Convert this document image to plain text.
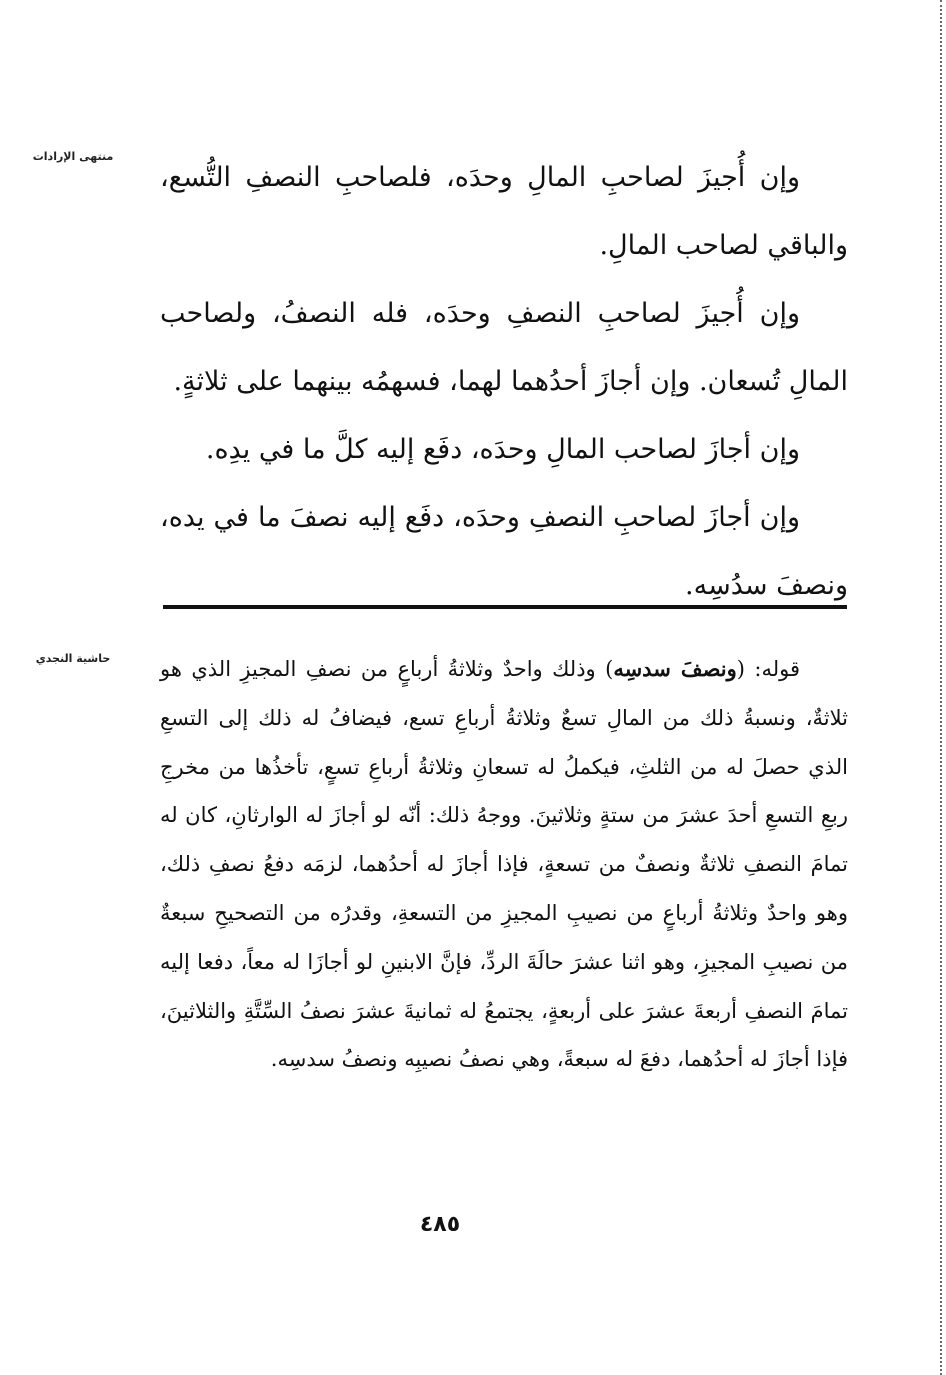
منتهى الإرادات

وإن أُجيزَ لصاحبِ المالِ وحدَه، فلصاحبِ النصفِ التُّسع، والباقي لصاحب المالِ.

وإن أُجيزَ لصاحبِ النصفِ وحدَه، فله النصفُ، ولصاحب المالِ تُسعان. وإن أجازَ أحدُهما لهما، فسهمُه بينهما على ثلاثةٍ.

وإن أجازَ لصاحب المالِ وحدَه، دفَع إليه كلَّ ما في يدِه.

وإن أجازَ لصاحبِ النصفِ وحدَه، دفَع إليه نصفَ ما في يده، ونصفَ سدُسِه.

حاشية النجدي	قوله: (ونصفَ سدسِه) وذلك واحدٌ وثلاثةُ أرباعٍ من نصفِ المجيزِ الذي هو ثلاثةٌ، ونسبةُ ذلك من المالِ تسعٌ وثلاثةُ أرباعِ تسع، فيضافُ له ذلك إلى التسعِ الذي حصلَ له من الثلثِ، فيكملُ له تسعانِ وثلاثةُ أرباعِ تسعٍ، تأخذُها من مخرجِ ربعِ التسعِ أحدَ عشرَ من ستةٍ وثلاثينَ. ووجهُ ذلك: أنّه لو أجازَ له الوارثانِ، كان له تمامَ النصفِ ثلاثةٌ ونصفٌ من تسعةٍ، فإذا أجازَ له أحدُهما، لزمَه دفعُ نصفِ ذلك، وهو واحدٌ وثلاثةُ أرباعٍ من نصيبِ المجيزِ من التسعةِ، وقدرُه من التصحيحِ سبعةٌ من نصيبِ المجيزِ، وهو اثنا عشرَ حالَةَ الردِّ، فإنَّ الابنينِ لو أجازَا له معاً، دفعا إليه تمامَ النصفِ أربعةَ عشرَ على أربعةٍ، يجتمعُ له ثمانيةَ عشرَ نصفُ السِّتَّةِ والثلاثينَ، فإذا أجازَ له أحدُهما، دفعَ له سبعةً، وهي نصفُ نصيبِه ونصفُ سدسِه.
٤٨٥
